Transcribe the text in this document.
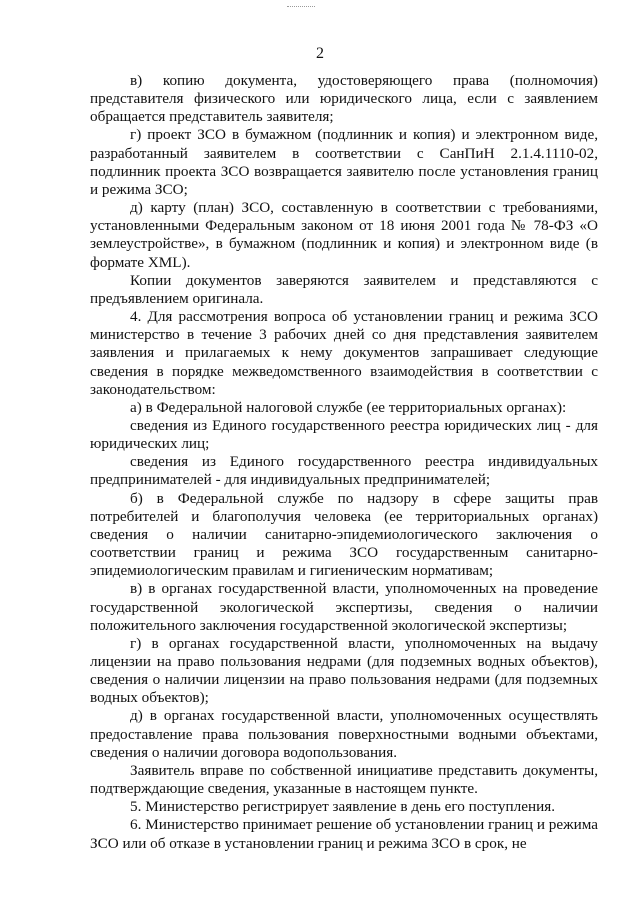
2

в) копию документа, удостоверяющего права (полномочия) представителя физического или юридического лица, если с заявлением обращается представитель заявителя;

г) проект ЗСО в бумажном (подлинник и копия) и электронном виде, разработанный заявителем в соответствии с СанПиН 2.1.4.1110-02, подлинник проекта ЗСО возвращается заявителю после установления границ и режима ЗСО;

д) карту (план) ЗСО, составленную в соответствии с требованиями, установленными Федеральным законом от 18 июня 2001 года № 78-ФЗ «О землеустройстве», в бумажном (подлинник и копия) и электронном виде (в формате XML).

Копии документов заверяются заявителем и представляются с предъявлением оригинала.

4. Для рассмотрения вопроса об установлении границ и режима ЗСО министерство в течение 3 рабочих дней со дня представления заявителем заявления и прилагаемых к нему документов запрашивает следующие сведения в порядке межведомственного взаимодействия в соответствии с законодательством:

а) в Федеральной налоговой службе (ее территориальных органах):

сведения из Единого государственного реестра юридических лиц - для юридических лиц;

сведения из Единого государственного реестра индивидуальных предпринимателей - для индивидуальных предпринимателей;

б) в Федеральной службе по надзору в сфере защиты прав потребителей и благополучия человека (ее территориальных органах) сведения о наличии санитарно-эпидемиологического заключения о соответствии границ и режима ЗСО государственным санитарно-эпидемиологическим правилам и гигиеническим нормативам;

в) в органах государственной власти, уполномоченных на проведение государственной экологической экспертизы, сведения о наличии положительного заключения государственной экологической экспертизы;

г) в органах государственной власти, уполномоченных на выдачу лицензии на право пользования недрами (для подземных водных объектов), сведения о наличии лицензии на право пользования недрами (для подземных водных объектов);

д) в органах государственной власти, уполномоченных осуществлять предоставление права пользования поверхностными водными объектами, сведения о наличии договора водопользования.

Заявитель вправе по собственной инициативе представить документы, подтверждающие сведения, указанные в настоящем пункте.

5. Министерство регистрирует заявление в день его поступления.

6. Министерство принимает решение об установлении границ и режима ЗСО или об отказе в установлении границ и режима ЗСО в срок, не
